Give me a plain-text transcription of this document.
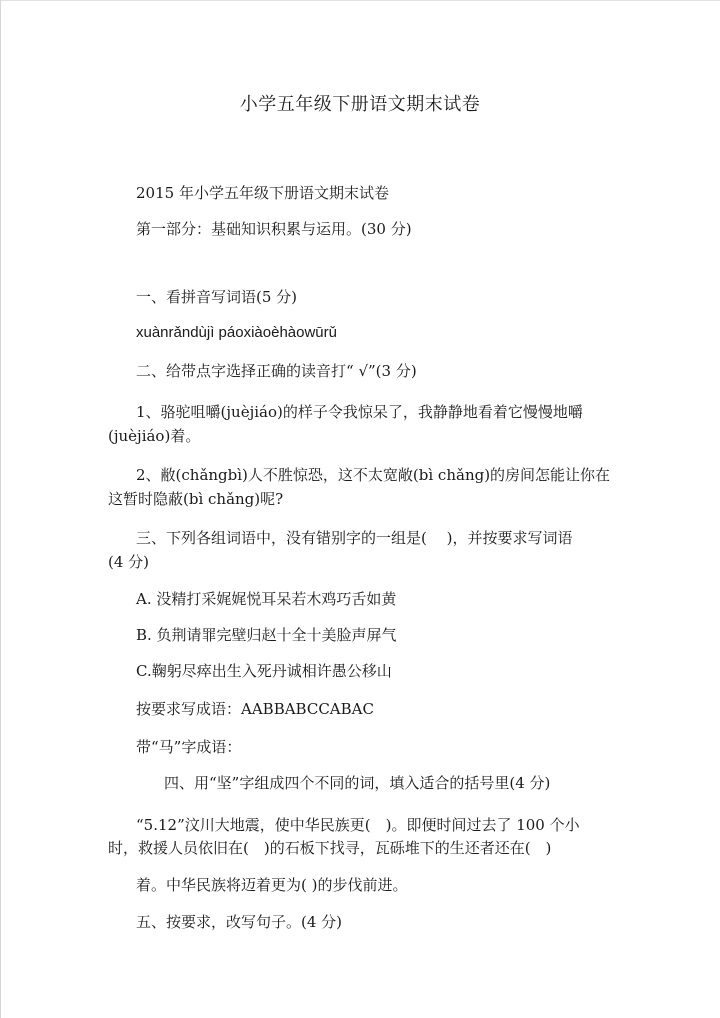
小学五年级下册语文期末试卷
2015 年小学五年级下册语文期末试卷
第一部分：基础知识积累与运用。(30 分)
一、看拼音写词语(5 分)
xuànrǎndùjì páoxiàoèhàowūrǔ
二、给带点字选择正确的读音打“ √”(3 分)
1、骆驼咀嚼(juèjiáo)的样子令我惊呆了，我静静地看着它慢慢地嚼
(juèjiáo)着。
2、敝(chǎngbì)人不胜惊恐，这不太宽敞(bì chǎng)的房间怎能让你在
这暂时隐蔽(bì chǎng)呢?
三、下列各组词语中，没有错别字的一组是(　 )，并按要求写词语
(4 分)
A. 没精打采娓娓悦耳呆若木鸡巧舌如黄
B. 负荆请罪完壁归赵十全十美脸声屏气
C.鞠躬尽瘁出生入死丹诚相许愚公移山
按要求写成语：AABBABCCABAC
带“马”字成语：
四、用“坚”字组成四个不同的词，填入适合的括号里(4 分)
“5.12”汶川大地震，使中华民族更(　)。即便时间过去了 100 个小
时，救援人员依旧在(　)的石板下找寻，瓦砾堆下的生还者还在(　)
着。中华民族将迈着更为( )的步伐前进。
五、按要求，改写句子。(4 分)
